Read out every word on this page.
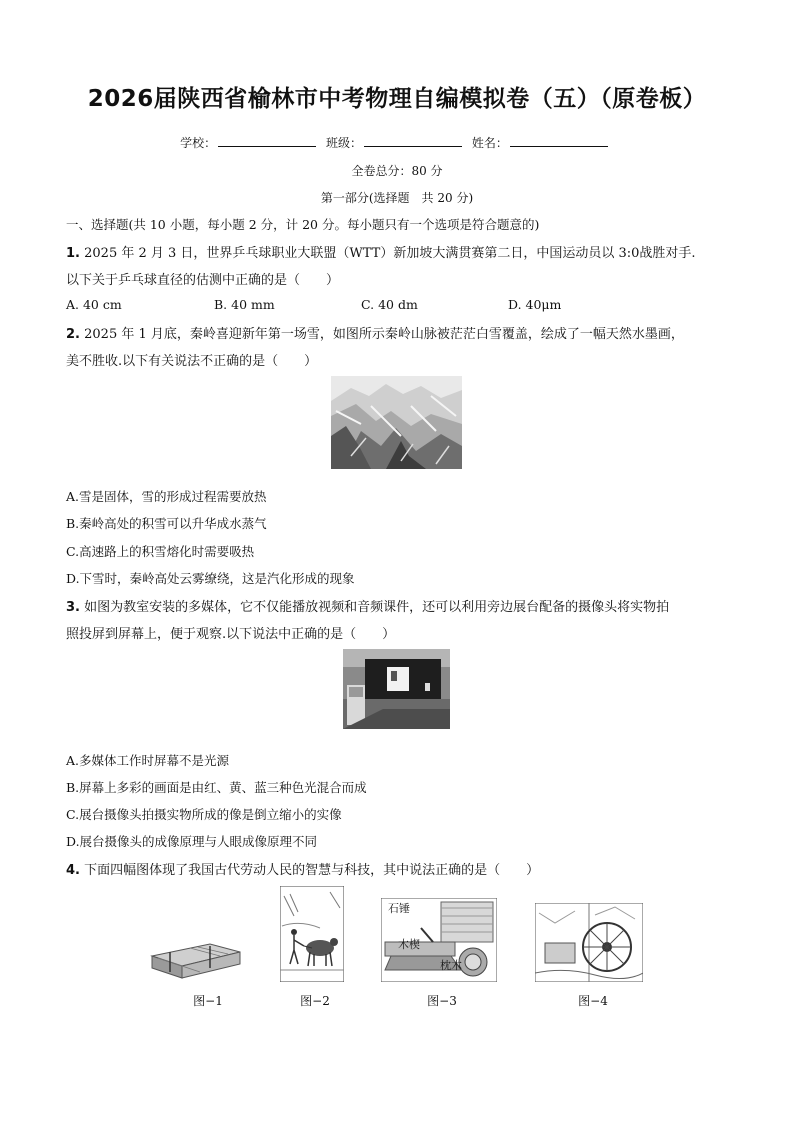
2026届陕西省榆林市中考物理自编模拟卷（五）（原卷板）
学校：	班级：	姓名：
全卷总分：80 分
第一部分(选择题　共 20 分)
一、选择题(共 10 小题，每小题 2 分，计 20 分。每小题只有一个选项是符合题意的)
1. 2025 年 2 月 3 日，世界乒乓球职业大联盟（WTT）新加坡大满贯赛第二日，中国运动员以 3:0战胜对手.
以下关于乒乓球直径的估测中正确的是（　　）
A. 40 cm	B. 40 mm	C. 40 dm	D. 40μm
2. 2025 年 1 月底，秦岭喜迎新年第一场雪，如图所示秦岭山脉被茫茫白雪覆盖，绘成了一幅天然水墨画，
美不胜收.以下有关说法不正确的是（　　）
A.雪是固体，雪的形成过程需要放热
B.秦岭高处的积雪可以升华成水蒸气
C.高速路上的积雪熔化时需要吸热
D.下雪时，秦岭高处云雾缭绕，这是汽化形成的现象
3. 如图为教室安装的多媒体，它不仅能播放视频和音频课件，还可以利用旁边展台配备的摄像头将实物拍
照投屏到屏幕上，便于观察.以下说法中正确的是（　　）
A.多媒体工作时屏幕不是光源
B.屏幕上多彩的画面是由红、黄、蓝三种色光混合而成
C.展台摄像头拍摄实物所成的像是倒立缩小的实像
D.展台摄像头的成像原理与人眼成像原理不同
4. 下面四幅图体现了我国古代劳动人民的智慧与科技，其中说法正确的是（　　）
石锤
木楔
枕木
图−1	图−2	图−3	图−4
